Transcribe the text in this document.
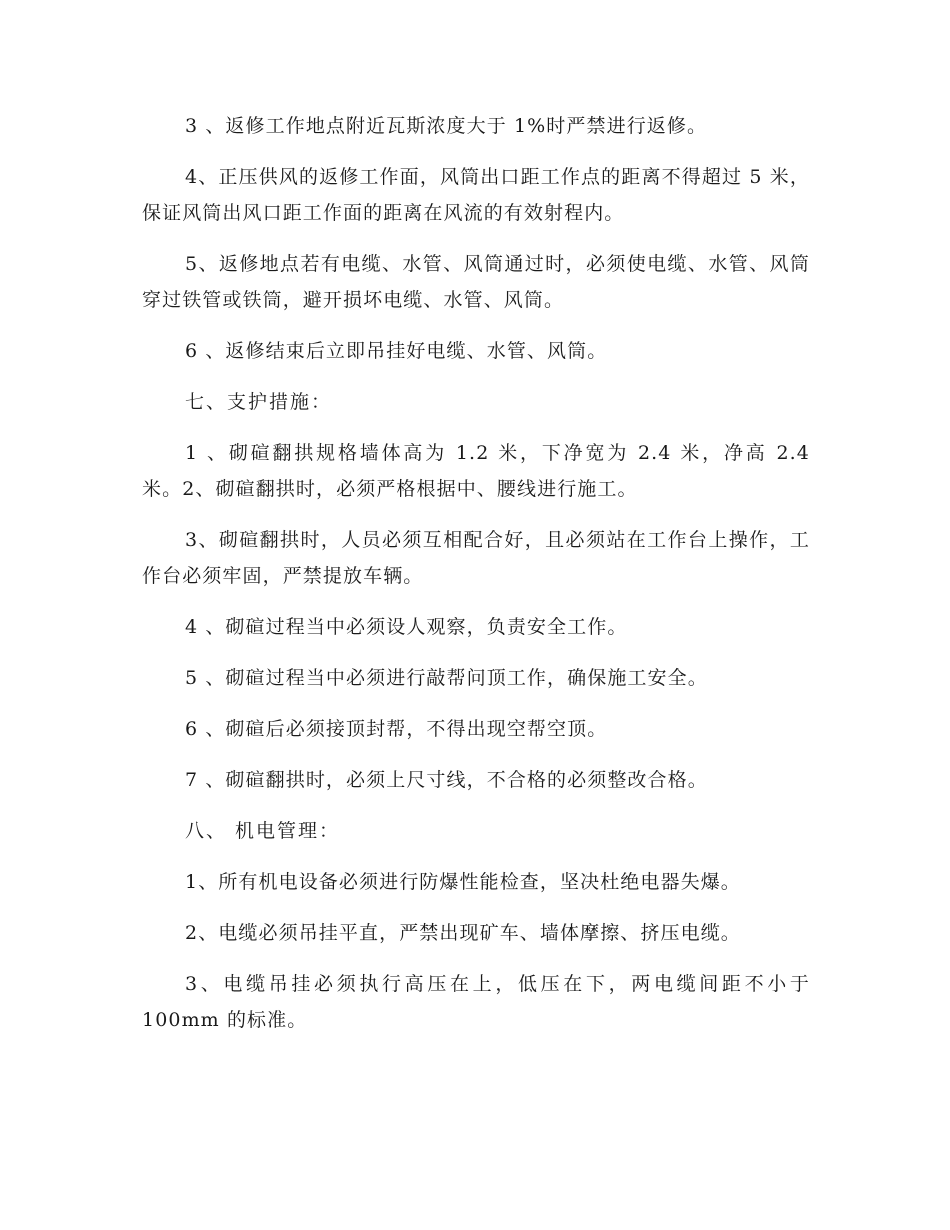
3 、返修工作地点附近瓦斯浓度大于 1%时严禁进行返修。

4、正压供风的返修工作面，风筒出口距工作点的距离不得超过 5 米，保证风筒出风口距工作面的距离在风流的有效射程内。

5、返修地点若有电缆、水管、风筒通过时，必须使电缆、水管、风筒穿过铁管或铁筒，避开损坏电缆、水管、风筒。

6 、返修结束后立即吊挂好电缆、水管、风筒。

七、支护措施：

1 、砌碹翻拱规格墙体高为 1.2 米，下净宽为 2.4 米，净高 2.4 米。2、砌碹翻拱时，必须严格根据中、腰线进行施工。

3、砌碹翻拱时，人员必须互相配合好，且必须站在工作台上操作，工作台必须牢固，严禁提放车辆。

4 、砌碹过程当中必须设人观察，负责安全工作。

5 、砌碹过程当中必须进行敲帮问顶工作，确保施工安全。

6 、砌碹后必须接顶封帮，不得出现空帮空顶。

7 、砌碹翻拱时，必须上尺寸线，不合格的必须整改合格。

八、 机电管理：

1、所有机电设备必须进行防爆性能检查，坚决杜绝电器失爆。

2、电缆必须吊挂平直，严禁出现矿车、墙体摩擦、挤压电缆。

3、电缆吊挂必须执行高压在上，低压在下，两电缆间距不小于 100mm 的标准。
